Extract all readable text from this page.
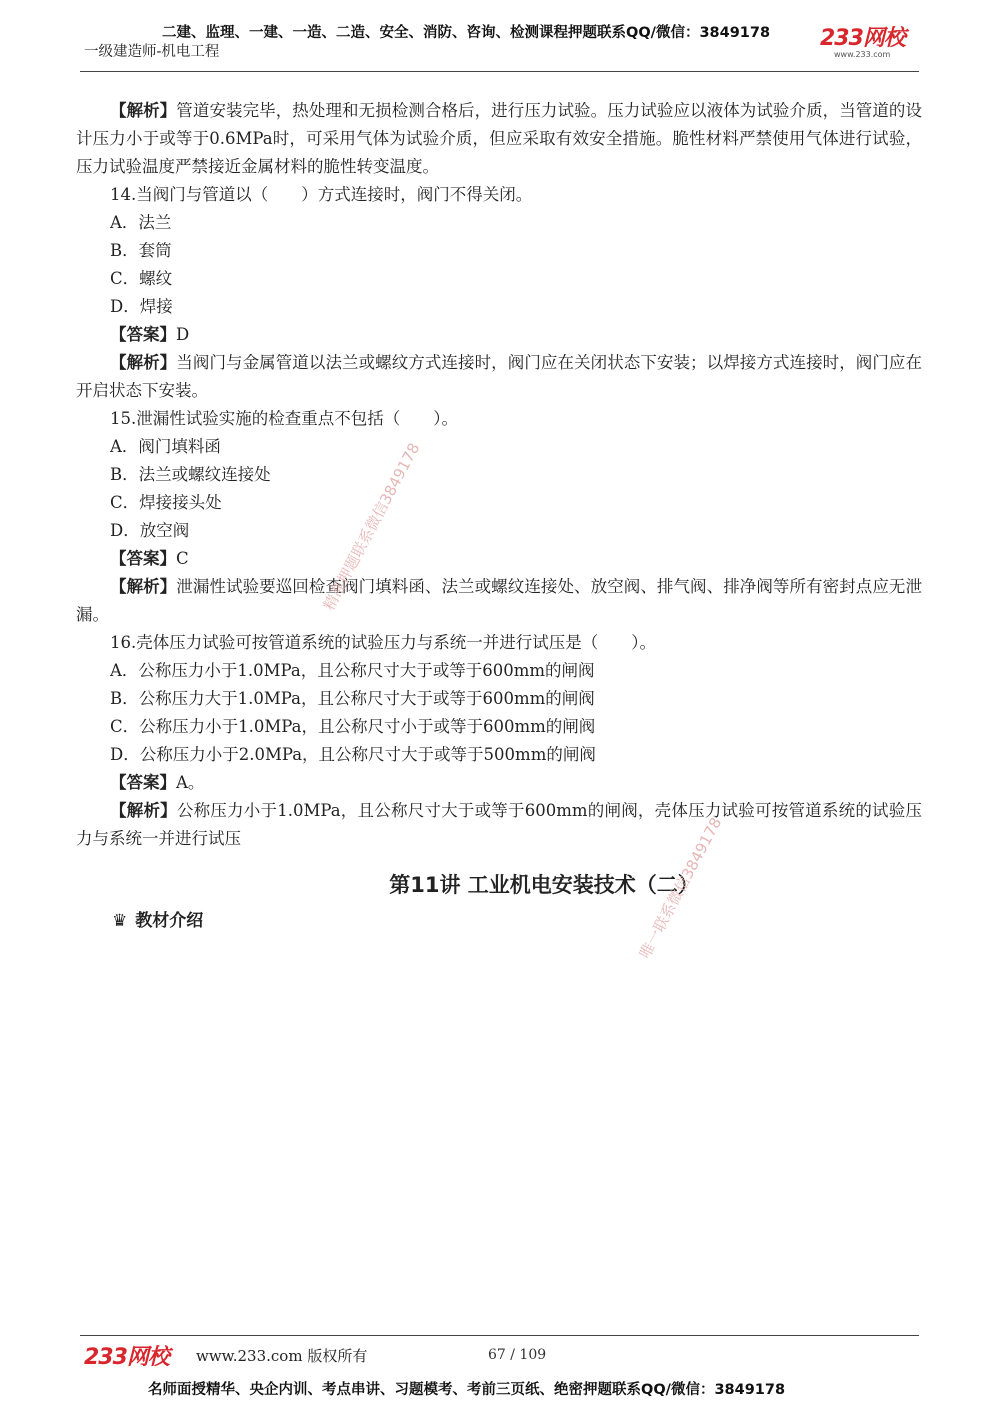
二建、监理、一建、一造、二造、安全、消防、咨询、检测课程押题联系QQ/微信：3849178
一级建造师-机电工程
233网校
www.233.com

【解析】管道安装完毕，热处理和无损检测合格后，进行压力试验。压力试验应以液体为试验介质，当管道的设计压力小于或等于0.6MPa时，可采用气体为试验介质，但应采取有效安全措施。脆性材料严禁使用气体进行试验，压力试验温度严禁接近金属材料的脆性转变温度。

14.当阀门与管道以（　　）方式连接时，阀门不得关闭。

A．法兰

B．套筒

C．螺纹

D．焊接

【答案】D

【解析】当阀门与金属管道以法兰或螺纹方式连接时，阀门应在关闭状态下安装；以焊接方式连接时，阀门应在开启状态下安装。

15.泄漏性试验实施的检查重点不包括（　　）。

A．阀门填料函

B．法兰或螺纹连接处

C．焊接接头处

D．放空阀

【答案】C

【解析】泄漏性试验要巡回检查阀门填料函、法兰或螺纹连接处、放空阀、排气阀、排净阀等所有密封点应无泄漏。

16.壳体压力试验可按管道系统的试验压力与系统一并进行试压是（　　）。

A．公称压力小于1.0MPa，且公称尺寸大于或等于600mm的闸阀

B．公称压力大于1.0MPa，且公称尺寸大于或等于600mm的闸阀

C．公称压力小于1.0MPa，且公称尺寸小于或等于600mm的闸阀

D．公称压力小于2.0MPa，且公称尺寸大于或等于500mm的闸阀

【答案】A。

【解析】公称压力小于1.0MPa，且公称尺寸大于或等于600mm的闸阀，壳体压力试验可按管道系统的试验压力与系统一并进行试压

第11讲 工业机电安装技术（二）

♛ 教材介绍

精准押题联系微信3849178
唯一联系微信3849178
233网校 www.233.com 版权所有	67 / 109
名师面授精华、央企内训、考点串讲、习题模考、考前三页纸、绝密押题联系QQ/微信：3849178
